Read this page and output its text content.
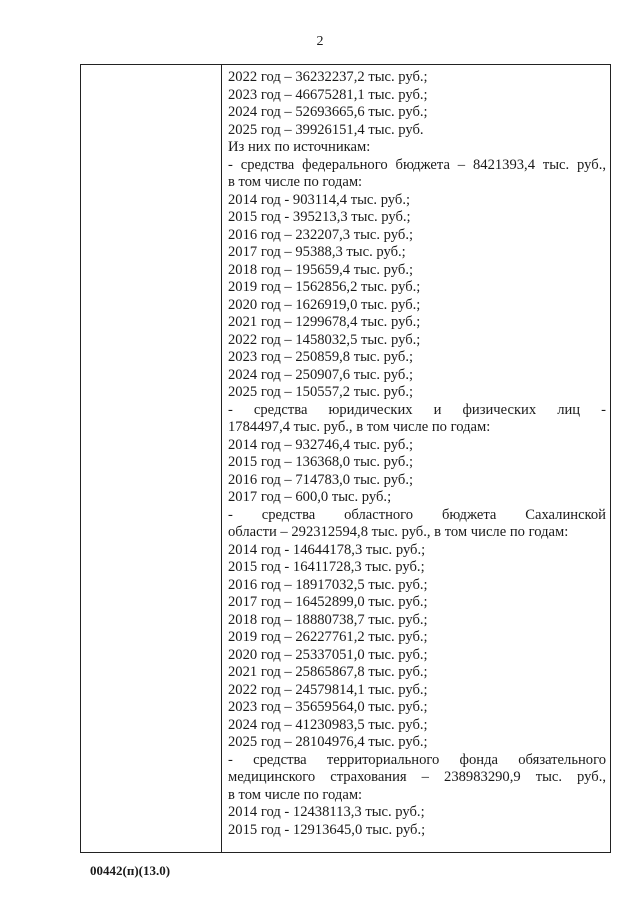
2
2022 год – 36232237,2 тыс. руб.;
2023 год – 46675281,1 тыс. руб.;
2024 год – 52693665,6 тыс. руб.;
2025 год – 39926151,4 тыс. руб.
Из них по источникам:
- средства федерального бюджета – 8421393,4 тыс. руб.,
в том числе по годам:
2014 год - 903114,4 тыс. руб.;
2015 год - 395213,3 тыс. руб.;
2016 год – 232207,3 тыс. руб.;
2017 год – 95388,3 тыс. руб.;
2018 год – 195659,4 тыс. руб.;
2019 год – 1562856,2 тыс. руб.;
2020 год – 1626919,0 тыс. руб.;
2021 год – 1299678,4 тыс. руб.;
2022 год – 1458032,5 тыс. руб.;
2023 год – 250859,8 тыс. руб.;
2024 год – 250907,6 тыс. руб.;
2025 год – 150557,2 тыс. руб.;
- средства юридических и физических лиц -
1784497,4 тыс. руб., в том числе по годам:
2014 год – 932746,4 тыс. руб.;
2015 год – 136368,0 тыс. руб.;
2016 год – 714783,0 тыс. руб.;
2017 год – 600,0 тыс. руб.;
- средства областного бюджета Сахалинской
области – 292312594,8 тыс. руб., в том числе по годам:
2014 год - 14644178,3 тыс. руб.;
2015 год - 16411728,3 тыс. руб.;
2016 год – 18917032,5 тыс. руб.;
2017 год – 16452899,0 тыс. руб.;
2018 год – 18880738,7 тыс. руб.;
2019 год – 26227761,2 тыс. руб.;
2020 год – 25337051,0 тыс. руб.;
2021 год – 25865867,8 тыс. руб.;
2022 год – 24579814,1 тыс. руб.;
2023 год – 35659564,0 тыс. руб.;
2024 год – 41230983,5 тыс. руб.;
2025 год – 28104976,4 тыс. руб.;
- средства территориального фонда обязательного
медицинского страхования – 238983290,9 тыс. руб.,
в том числе по годам:
2014 год - 12438113,3 тыс. руб.;
2015 год - 12913645,0 тыс. руб.;
00442(п)(13.0)
